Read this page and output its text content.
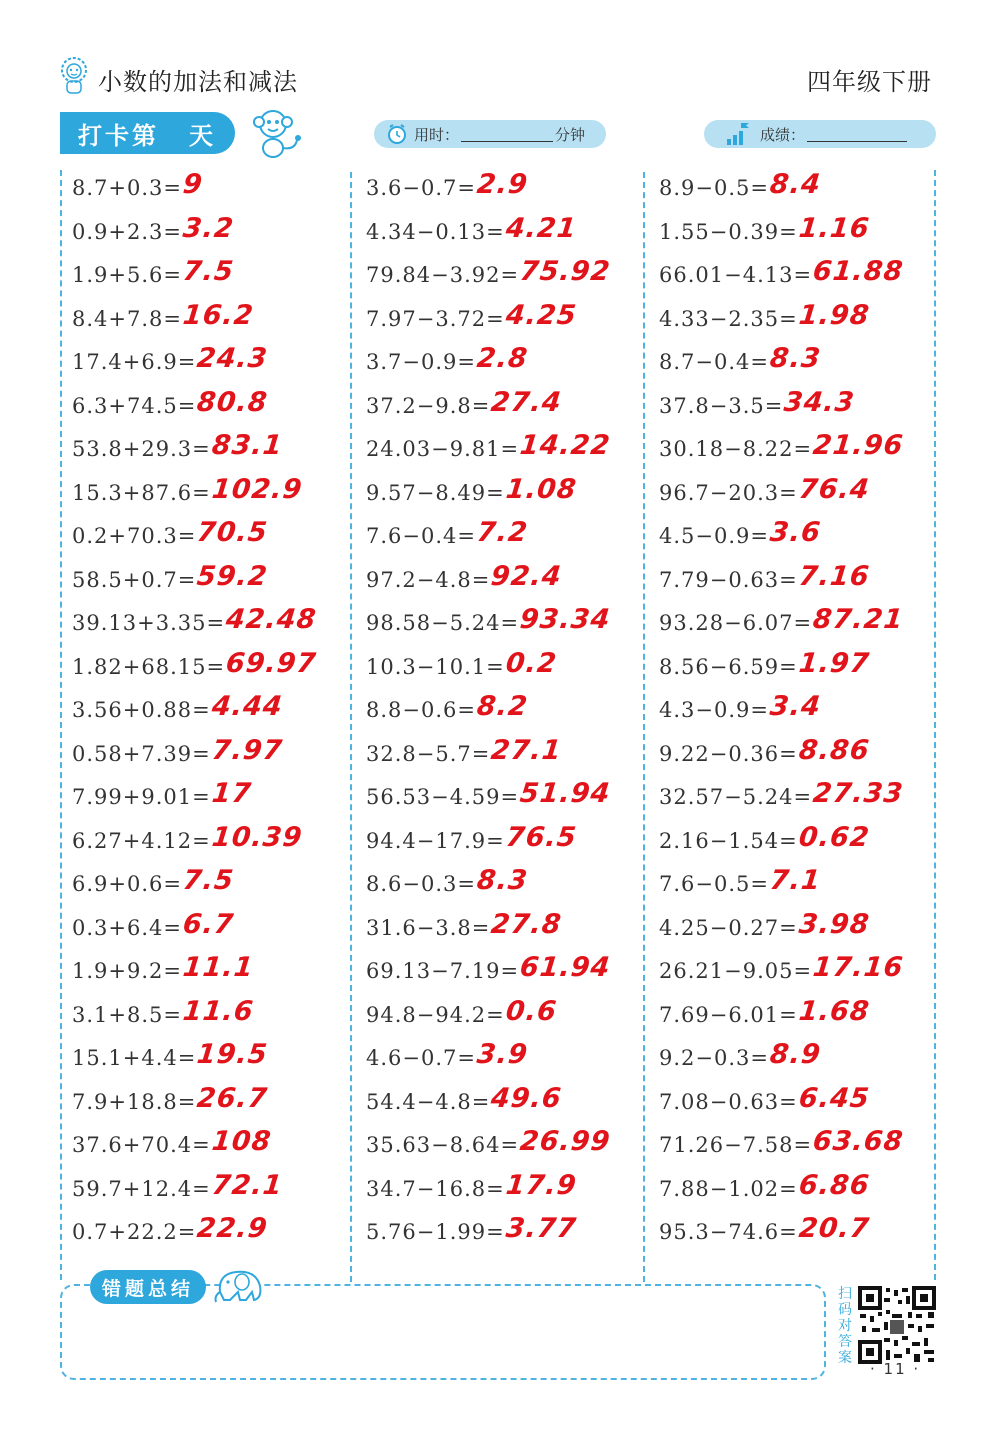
小数的加法和减法	四年级下册
打卡第 天	用时：	分钟	成绩：
8.7+0.3= 9
0.9+2.3= 3.2
1.9+5.6= 7.5
8.4+7.8= 16.2
17.4+6.9= 24.3
6.3+74.5= 80.8
53.8+29.3= 83.1
15.3+87.6= 102.9
0.2+70.3= 70.5
58.5+0.7= 59.2
39.13+3.35= 42.48
1.82+68.15= 69.97
3.56+0.88= 4.44
0.58+7.39= 7.97
7.99+9.01= 17
6.27+4.12= 10.39
6.9+0.6= 7.5
0.3+6.4= 6.7
1.9+9.2= 11.1
3.1+8.5= 11.6
15.1+4.4= 19.5
7.9+18.8= 26.7
37.6+70.4= 108
59.7+12.4= 72.1
0.7+22.2= 22.9
3.6−0.7= 2.9
4.34−0.13= 4.21
79.84−3.92= 75.92
7.97−3.72= 4.25
3.7−0.9= 2.8
37.2−9.8= 27.4
24.03−9.81= 14.22
9.57−8.49= 1.08
7.6−0.4= 7.2
97.2−4.8= 92.4
98.58−5.24= 93.34
10.3−10.1= 0.2
8.8−0.6= 8.2
32.8−5.7= 27.1
56.53−4.59= 51.94
94.4−17.9= 76.5
8.6−0.3= 8.3
31.6−3.8= 27.8
69.13−7.19= 61.94
94.8−94.2= 0.6
4.6−0.7= 3.9
54.4−4.8= 49.6
35.63−8.64= 26.99
34.7−16.8= 17.9
5.76−1.99= 3.77
8.9−0.5= 8.4
1.55−0.39= 1.16
66.01−4.13= 61.88
4.33−2.35= 1.98
8.7−0.4= 8.3
37.8−3.5= 34.3
30.18−8.22= 21.96
96.7−20.3= 76.4
4.5−0.9= 3.6
7.79−0.63= 7.16
93.28−6.07= 87.21
8.56−6.59= 1.97
4.3−0.9= 3.4
9.22−0.36= 8.86
32.57−5.24= 27.33
2.16−1.54= 0.62
7.6−0.5= 7.1
4.25−0.27= 3.98
26.21−9.05= 17.16
7.69−6.01= 1.68
9.2−0.3= 8.9
7.08−0.63= 6.45
71.26−7.58= 63.68
7.88−1.02= 6.86
95.3−74.6= 20.7
错题总结	扫码对答案
· 11 ·
